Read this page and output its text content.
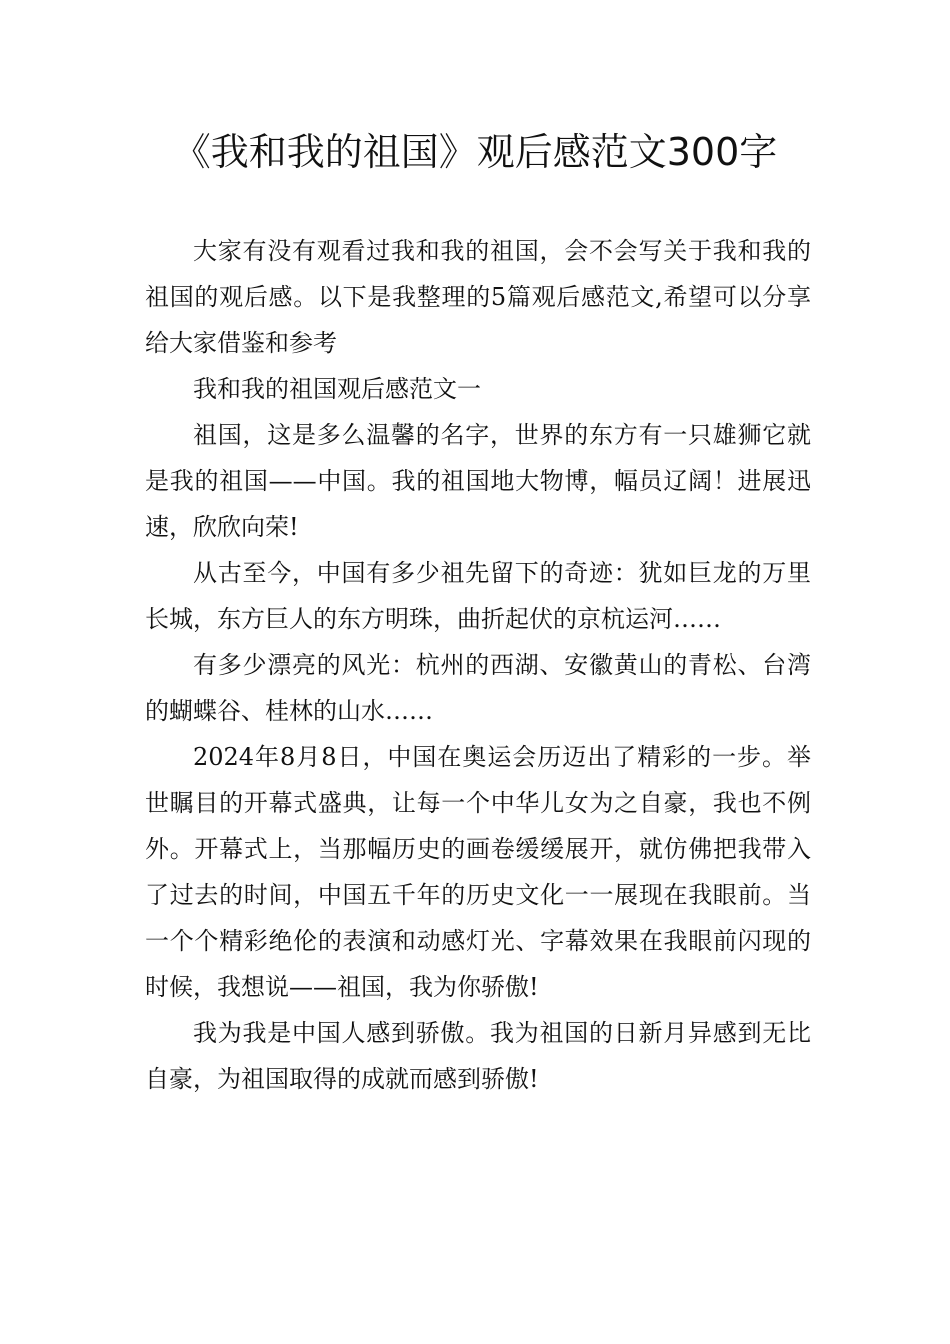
《我和我的祖国》观后感范文300字

大家有没有观看过我和我的祖国，会不会写关于我和我的祖国的观后感。以下是我整理的5篇观后感范文,希望可以分享给大家借鉴和参考

我和我的祖国观后感范文一

祖国，这是多么温馨的名字，世界的东方有一只雄狮它就是我的祖国——中国。我的祖国地大物博，幅员辽阔！进展迅速，欣欣向荣!

从古至今，中国有多少祖先留下的奇迹：犹如巨龙的万里长城，东方巨人的东方明珠，曲折起伏的京杭运河……

有多少漂亮的风光：杭州的西湖、安徽黄山的青松、台湾的蝴蝶谷、桂林的山水……

2024年8月8日，中国在奥运会历迈出了精彩的一步。举世瞩目的开幕式盛典，让每一个中华儿女为之自豪，我也不例外。开幕式上，当那幅历史的画卷缓缓展开，就仿佛把我带入了过去的时间，中国五千年的历史文化一一展现在我眼前。当一个个精彩绝伦的表演和动感灯光、字幕效果在我眼前闪现的时候，我想说——祖国，我为你骄傲!

我为我是中国人感到骄傲。我为祖国的日新月异感到无比自豪，为祖国取得的成就而感到骄傲!
